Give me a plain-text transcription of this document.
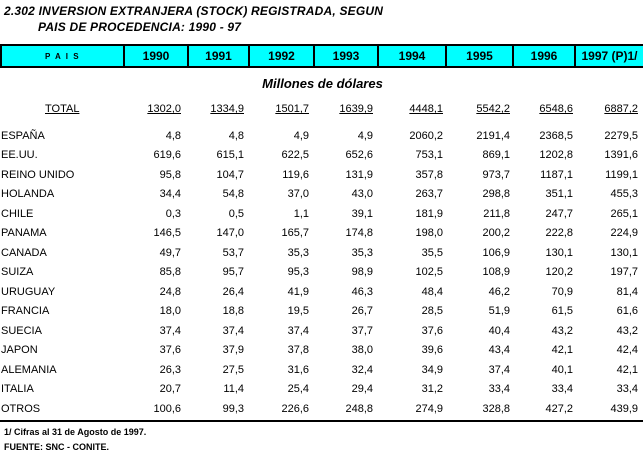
2.302 INVERSION EXTRANJERA (STOCK) REGISTRADA, SEGUN
PAIS DE PROCEDENCIA: 1990 - 97
P A I S	1990	1991	1992	1993	1994	1995	1996	1997 (P)1/
Millones de dólares								
TOTAL	1302,0	1334,9	1501,7	1639,9	4448,1	5542,2	6548,6	6887,2

ESPAÑA	4,8	4,8	4,9	4,9	2060,2	2191,4	2368,5	2279,5
EE.UU.	619,6	615,1	622,5	652,6	753,1	869,1	1202,8	1391,6
REINO UNIDO	95,8	104,7	119,6	131,9	357,8	973,7	1187,1	1199,1
HOLANDA	34,4	54,8	37,0	43,0	263,7	298,8	351,1	455,3
CHILE	0,3	0,5	1,1	39,1	181,9	211,8	247,7	265,1
PANAMA	146,5	147,0	165,7	174,8	198,0	200,2	222,8	224,9
CANADA	49,7	53,7	35,3	35,3	35,5	106,9	130,1	130,1
SUIZA	85,8	95,7	95,3	98,9	102,5	108,9	120,2	197,7
URUGUAY	24,8	26,4	41,9	46,3	48,4	46,2	70,9	81,4
FRANCIA	18,0	18,8	19,5	26,7	28,5	51,9	61,5	61,6
SUECIA	37,4	37,4	37,4	37,7	37,6	40,4	43,2	43,2
JAPON	37,6	37,9	37,8	38,0	39,6	43,4	42,1	42,4
ALEMANIA	26,3	27,5	31,6	32,4	34,9	37,4	40,1	42,1
ITALIA	20,7	11,4	25,4	29,4	31,2	33,4	33,4	33,4
OTROS	100,6	99,3	226,6	248,8	274,9	328,8	427,2	439,9
1/ Cifras al 31 de Agosto de 1997.
FUENTE: SNC - CONITE.
